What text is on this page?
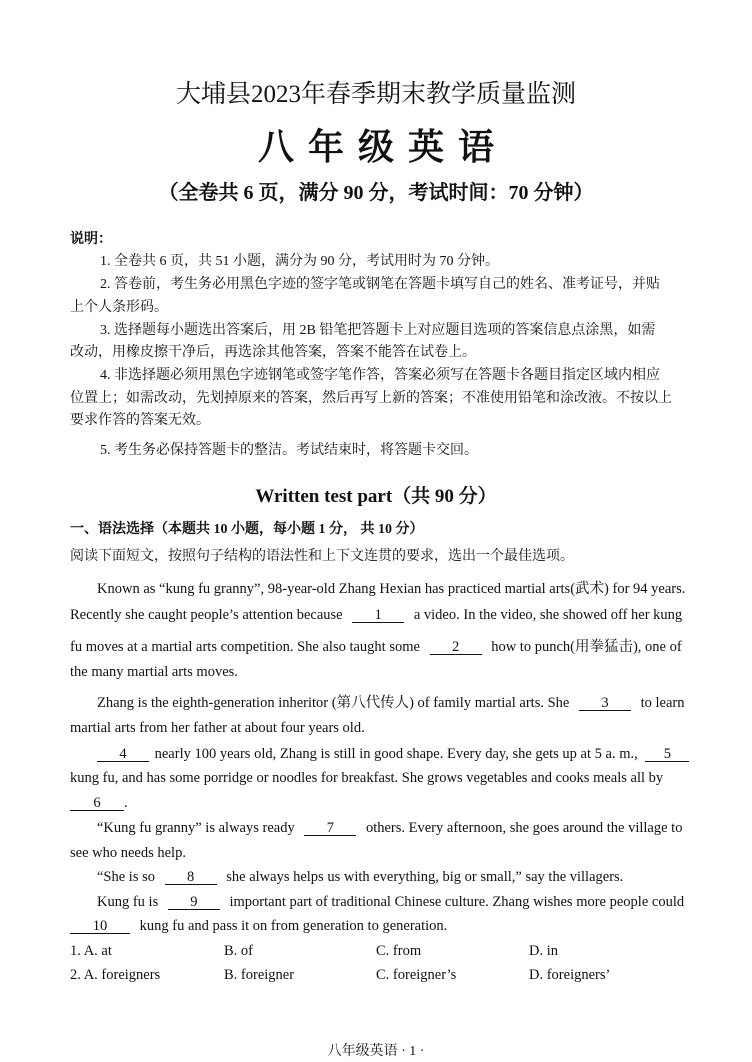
大埔县2023年春季期末教学质量监测
八年级英语
（全卷共 6 页，满分 90 分，考试时间：70 分钟）
说明：
1. 全卷共 6 页，共 51 小题，满分为 90 分，考试用时为 70 分钟。
2. 答卷前，考生务必用黑色字迹的签字笔或钢笔在答题卡填写自己的姓名、准考证号，并贴
上个人条形码。
3. 选择题每小题选出答案后，用 2B 铅笔把答题卡上对应题目选项的答案信息点涂黑，如需
改动，用橡皮擦干净后，再选涂其他答案，答案不能答在试卷上。
4. 非选择题必须用黑色字迹钢笔或签字笔作答，答案必须写在答题卡各题目指定区域内相应
位置上；如需改动，先划掉原来的答案，然后再写上新的答案；不准使用铅笔和涂改液。不按以上
要求作答的答案无效。
5. 考生务必保持答题卡的整洁。考试结束时，将答题卡交回。
Written test part（共 90 分）
一、语法选择（本题共 10 小题，每小题 1 分， 共 10 分）
阅读下面短文，按照句子结构的语法性和上下文连贯的要求，选出一个最佳选项。
Known as “kung fu granny”, 98-year-old Zhang Hexian has practiced martial arts(武术) for 94 years.
Recently she caught people’s attention because 1 a video. In the video, she showed off her kung
fu moves at a martial arts competition. She also taught some 2 how to punch(用拳猛击), one of
the many martial arts moves.
Zhang is the eighth-generation inheritor (第八代传人) of family martial arts. She 3 to learn
martial arts from her father at about four years old.
4 nearly 100 years old, Zhang is still in good shape. Every day, she gets up at 5 a. m., 5
kung fu, and has some porridge or noodles for breakfast. She grows vegetables and cooks meals all by
6 .
“Kung fu granny” is always ready 7 others. Every afternoon, she goes around the village to
see who needs help.
“She is so 8 she always helps us with everything, big or small,” say the villagers.
Kung fu is 9 important part of traditional Chinese culture. Zhang wishes more people could
10 kung fu and pass it on from generation to generation.
1. A. at	B. of	C. from	D. in
2. A. foreigners	B. foreigner	C. foreigner’s	D. foreigners’
八年级英语 · 1 ·
